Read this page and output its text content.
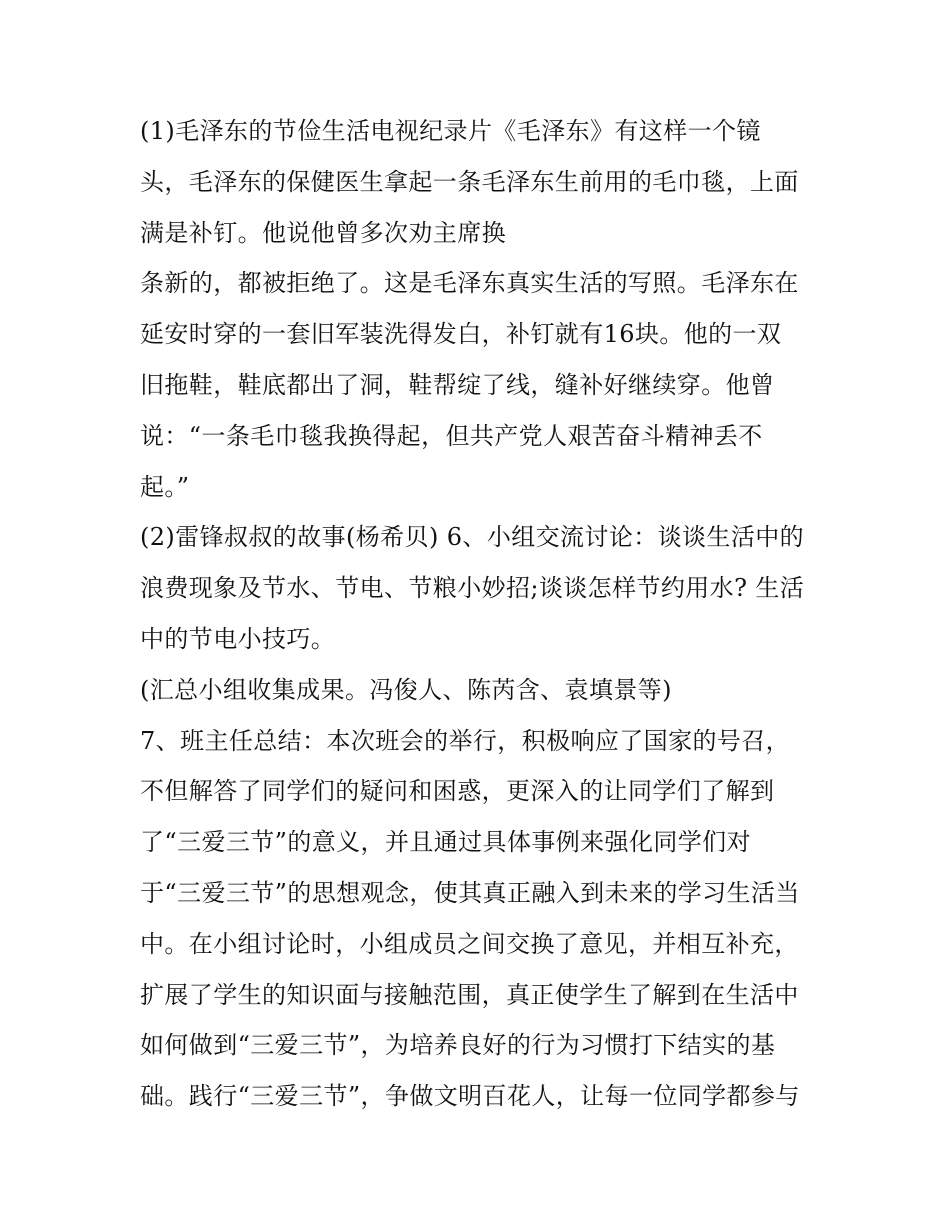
(1)毛泽东的节俭生活电视纪录片《毛泽东》有这样一个镜
头，毛泽东的保健医生拿起一条毛泽东生前用的毛巾毯，上面
满是补钉。他说他曾多次劝主席换
条新的，都被拒绝了。这是毛泽东真实生活的写照。毛泽东在
延安时穿的一套旧军装洗得发白，补钉就有16块。他的一双
旧拖鞋，鞋底都出了洞，鞋帮绽了线，缝补好继续穿。他曾
说：“一条毛巾毯我换得起，但共产党人艰苦奋斗精神丢不
起。”
(2)雷锋叔叔的故事(杨希贝) 6、小组交流讨论：谈谈生活中的
浪费现象及节水、节电、节粮小妙招;谈谈怎样节约用水? 生活
中的节电小技巧。
(汇总小组收集成果。冯俊人、陈芮含、袁填景等)
7、班主任总结：本次班会的举行，积极响应了国家的号召，
不但解答了同学们的疑问和困惑，更深入的让同学们了解到
了“三爱三节”的意义，并且通过具体事例来强化同学们对
于“三爱三节”的思想观念，使其真正融入到未来的学习生活当
中。在小组讨论时，小组成员之间交换了意见，并相互补充，
扩展了学生的知识面与接触范围，真正使学生了解到在生活中
如何做到“三爱三节”，为培养良好的行为习惯打下结实的基
础。践行“三爱三节”，争做文明百花人，让每一位同学都参与
